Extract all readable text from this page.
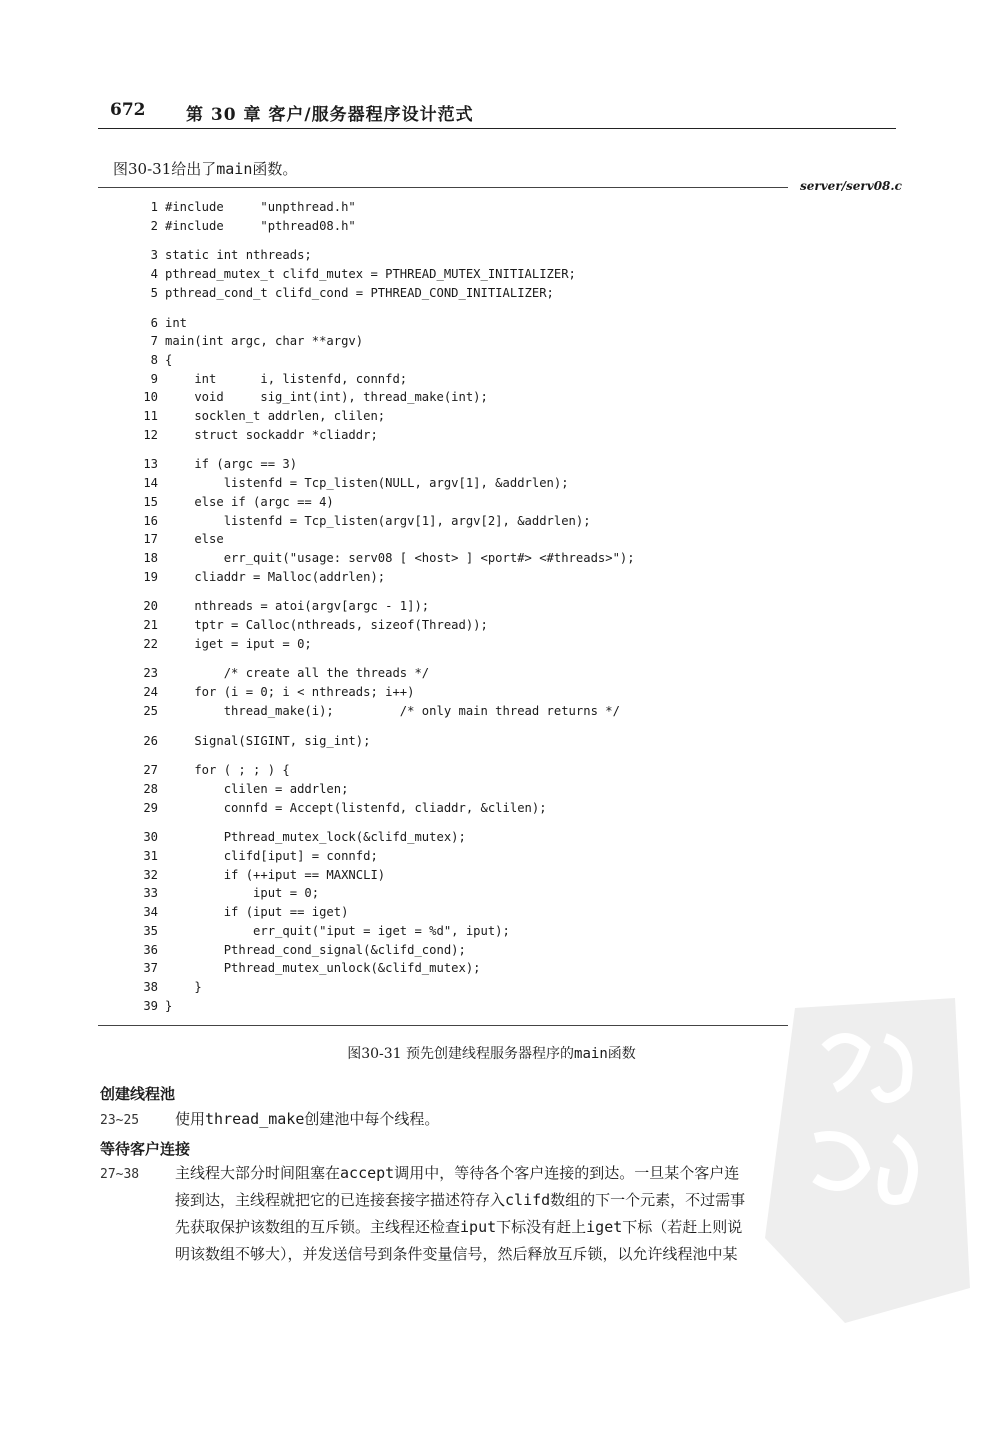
672 第 30 章 客户/服务器程序设计范式
图30-31给出了main函数。
server/serv08.c
1 #include     "unpthread.h"
2 #include     "pthread08.h"
3 static int nthreads;
4 pthread_mutex_t clifd_mutex = PTHREAD_MUTEX_INITIALIZER;
5 pthread_cond_t clifd_cond = PTHREAD_COND_INITIALIZER;
6 int
7 main(int argc, char **argv)
8 {
9    int      i, listenfd, connfd;
10    void     sig_int(int), thread_make(int);
11    socklen_t addrlen, clilen;
12    struct sockaddr *cliaddr;
13    if (argc == 3)
14        listenfd = Tcp_listen(NULL, argv[1], &addrlen);
15    else if (argc == 4)
16        listenfd = Tcp_listen(argv[1], argv[2], &addrlen);
17    else
18        err_quit("usage: serv08 [ <host> ] <port#> <#threads>");
19    cliaddr = Malloc(addrlen);
20    nthreads = atoi(argv[argc - 1]);
21    tptr = Calloc(nthreads, sizeof(Thread));
22    iget = iput = 0;
23        /* create all the threads */
24    for (i = 0; i < nthreads; i++)
25        thread_make(i);         /* only main thread returns */
26    Signal(SIGINT, sig_int);
27    for ( ; ; ) {
28        clilen = addrlen;
29        connfd = Accept(listenfd, cliaddr, &clilen);
30        Pthread_mutex_lock(&clifd_mutex);
31        clifd[iput] = connfd;
32        if (++iput == MAXNCLI)
33            iput = 0;
34        if (iput == iget)
35            err_quit("iput = iget = %d", iput);
36        Pthread_cond_signal(&clifd_cond);
37        Pthread_mutex_unlock(&clifd_mutex);
38    }
39 }
图30-31 预先创建线程服务器程序的main函数
创建线程池
23~25 使用thread_make创建池中每个线程。
等待客户连接
27~38 主线程大部分时间阻塞在accept调用中，等待各个客户连接的到达。一旦某个客户连
接到达，主线程就把它的已连接套接字描述符存入clifd数组的下一个元素，不过需事
先获取保护该数组的互斥锁。主线程还检查iput下标没有赶上iget下标（若赶上则说
明该数组不够大），并发送信号到条件变量信号，然后释放互斥锁，以允许线程池中某
